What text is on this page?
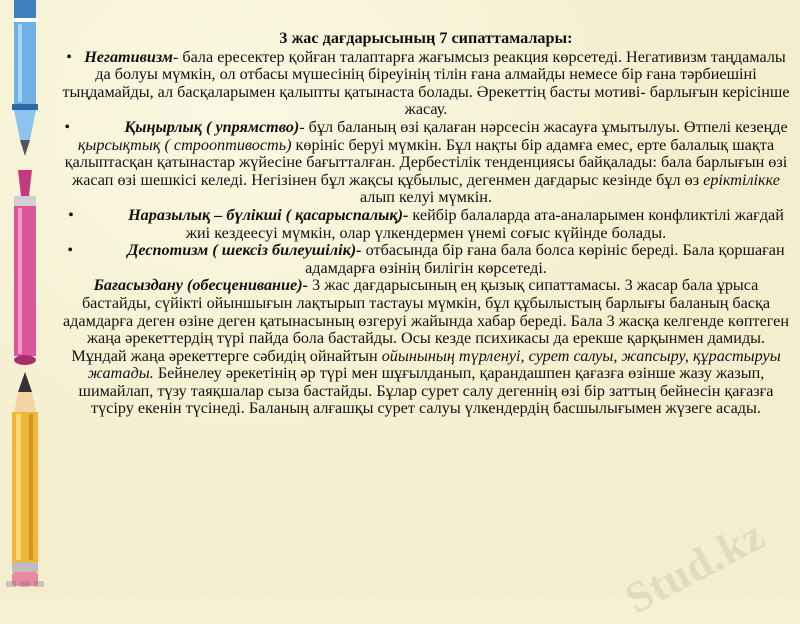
Stud.kz

3 жас дағдарысының 7 сипаттамалары:

• Негативизм- бала ересектер қойған талаптарға жағымсыз реакция көрсетеді. Негативизм таңдамалы да болуы мүмкін, ол отбасы мүшесінің біреуінің тілін ғана алмайды немесе бір ғана тәрбиешіні тыңдамайды, ал басқаларымен қалыпты қатынаста болады. Әрекеттің басты мотиві- барлығын керісінше жасау.

•	Қыңырлық ( упрямство)- бұл баланың өзі қалаған нәрсесін жасауға ұмытылуы. Өтпелі кезеңде қырсықтық ( строоптивость) көрініс беруі мүмкін. Бұл нақты бір адамға емес, ерте балалық шақта қалыптасқан қатынастар жүйесіне бағытталған. Дербестілік тенденциясы байқалады: бала барлығын өзі жасап өзі шешкісі келеді. Негізінен бұл жақсы құбылыс, дегенмен дағдарыс кезінде бұл өз еріктілікке алып келуі мүмкін.

•	Наразылық – бүлікші ( қасарыспалық)- кейбір балаларда ата-аналарымен конфликтілі жағдай жиі кездеесуі мүмкін, олар үлкендермен үнемі соғыс күйінде болады.

•	Деспотизм ( шексіз билеушілік)- отбасында бір ғана бала болса көрініс береді. Бала қоршаған адамдарға өзінің билігін көрсетеді.

Бағасыздану (обесценивание)- 3 жас дағдарысының ең қызық сипаттамасы. 3 жасар бала ұрыса бастайды, сүйікті ойыншығын лақтырып тастауы мүмкін, бұл құбылыстың барлығы баланың басқа адамдарға деген өзіне деген қатынасының өзгеруі жайында хабар береді. Бала 3 жасқа келгенде көптеген жаңа әрекеттердің түрі пайда бола бастайды. Осы кезде психикасы да ерекше қарқынмен дамиды. Мұндай жаңа әрекеттерге сәбидің ойнайтын ойынының түрленуі, сурет салуы, жапсыру, құрастыруы жатады. Бейнелеу әрекетінің әр түрі мен шұғылданып, қарандашпен қағазға өзінше жазу жазып, шимайлап, түзу таяқшалар сыза бастайды. Бұлар сурет салу дегеннің өзі бір заттың бейнесін қағазға түсіру екенін түсінеді. Баланың алғашқы сурет салуы үлкендердің басшылығымен жүзеге асады.
